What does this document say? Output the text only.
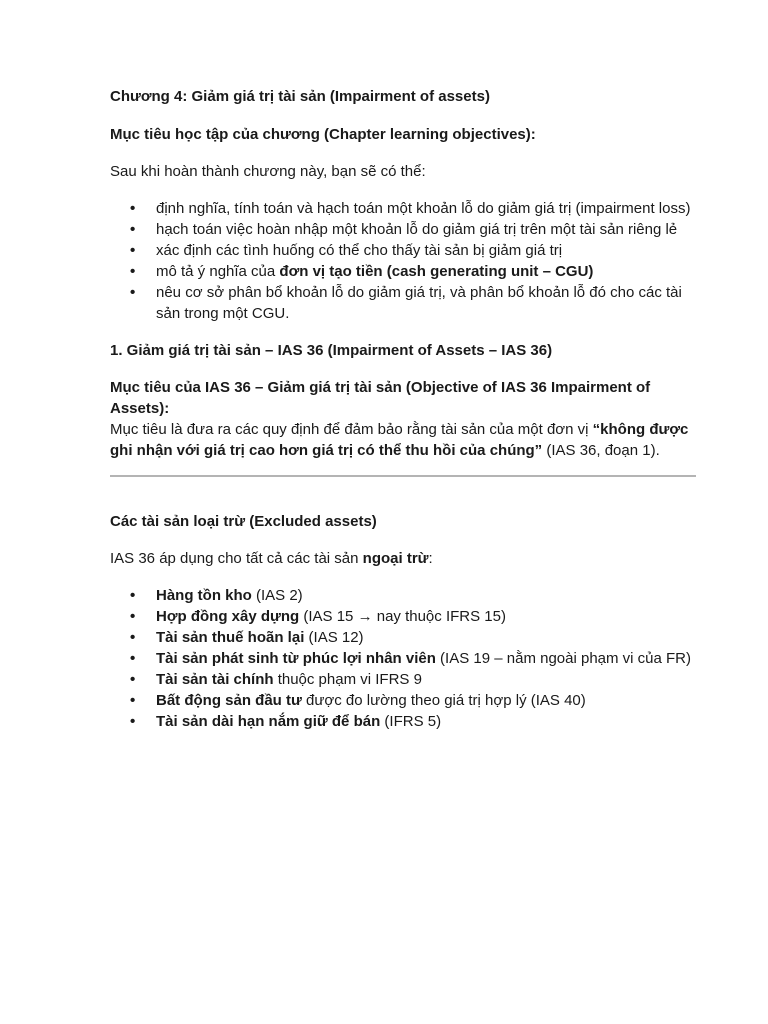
Chương 4: Giảm giá trị tài sản (Impairment of assets)

Mục tiêu học tập của chương (Chapter learning objectives):

Sau khi hoàn thành chương này, bạn sẽ có thể:

• định nghĩa, tính toán và hạch toán một khoản lỗ do giảm giá trị (impairment loss)
• hạch toán việc hoàn nhập một khoản lỗ do giảm giá trị trên một tài sản riêng lẻ
• xác định các tình huống có thể cho thấy tài sản bị giảm giá trị
• mô tả ý nghĩa của đơn vị tạo tiền (cash generating unit – CGU)
• nêu cơ sở phân bổ khoản lỗ do giảm giá trị, và phân bổ khoản lỗ đó cho các tài sản trong một CGU.

1. Giảm giá trị tài sản – IAS 36 (Impairment of Assets – IAS 36)

Mục tiêu của IAS 36 – Giảm giá trị tài sản (Objective of IAS 36 Impairment of Assets):

Mục tiêu là đưa ra các quy định để đảm bảo rằng tài sản của một đơn vị “không được ghi nhận với giá trị cao hơn giá trị có thể thu hồi của chúng” (IAS 36, đoạn 1).

Các tài sản loại trừ (Excluded assets)

IAS 36 áp dụng cho tất cả các tài sản ngoại trừ:

• Hàng tồn kho (IAS 2)
• Hợp đồng xây dựng (IAS 15 → nay thuộc IFRS 15)
• Tài sản thuế hoãn lại (IAS 12)
• Tài sản phát sinh từ phúc lợi nhân viên (IAS 19 – nằm ngoài phạm vi của FR)
• Tài sản tài chính thuộc phạm vi IFRS 9
• Bất động sản đầu tư được đo lường theo giá trị hợp lý (IAS 40)
• Tài sản dài hạn nắm giữ để bán (IFRS 5)
